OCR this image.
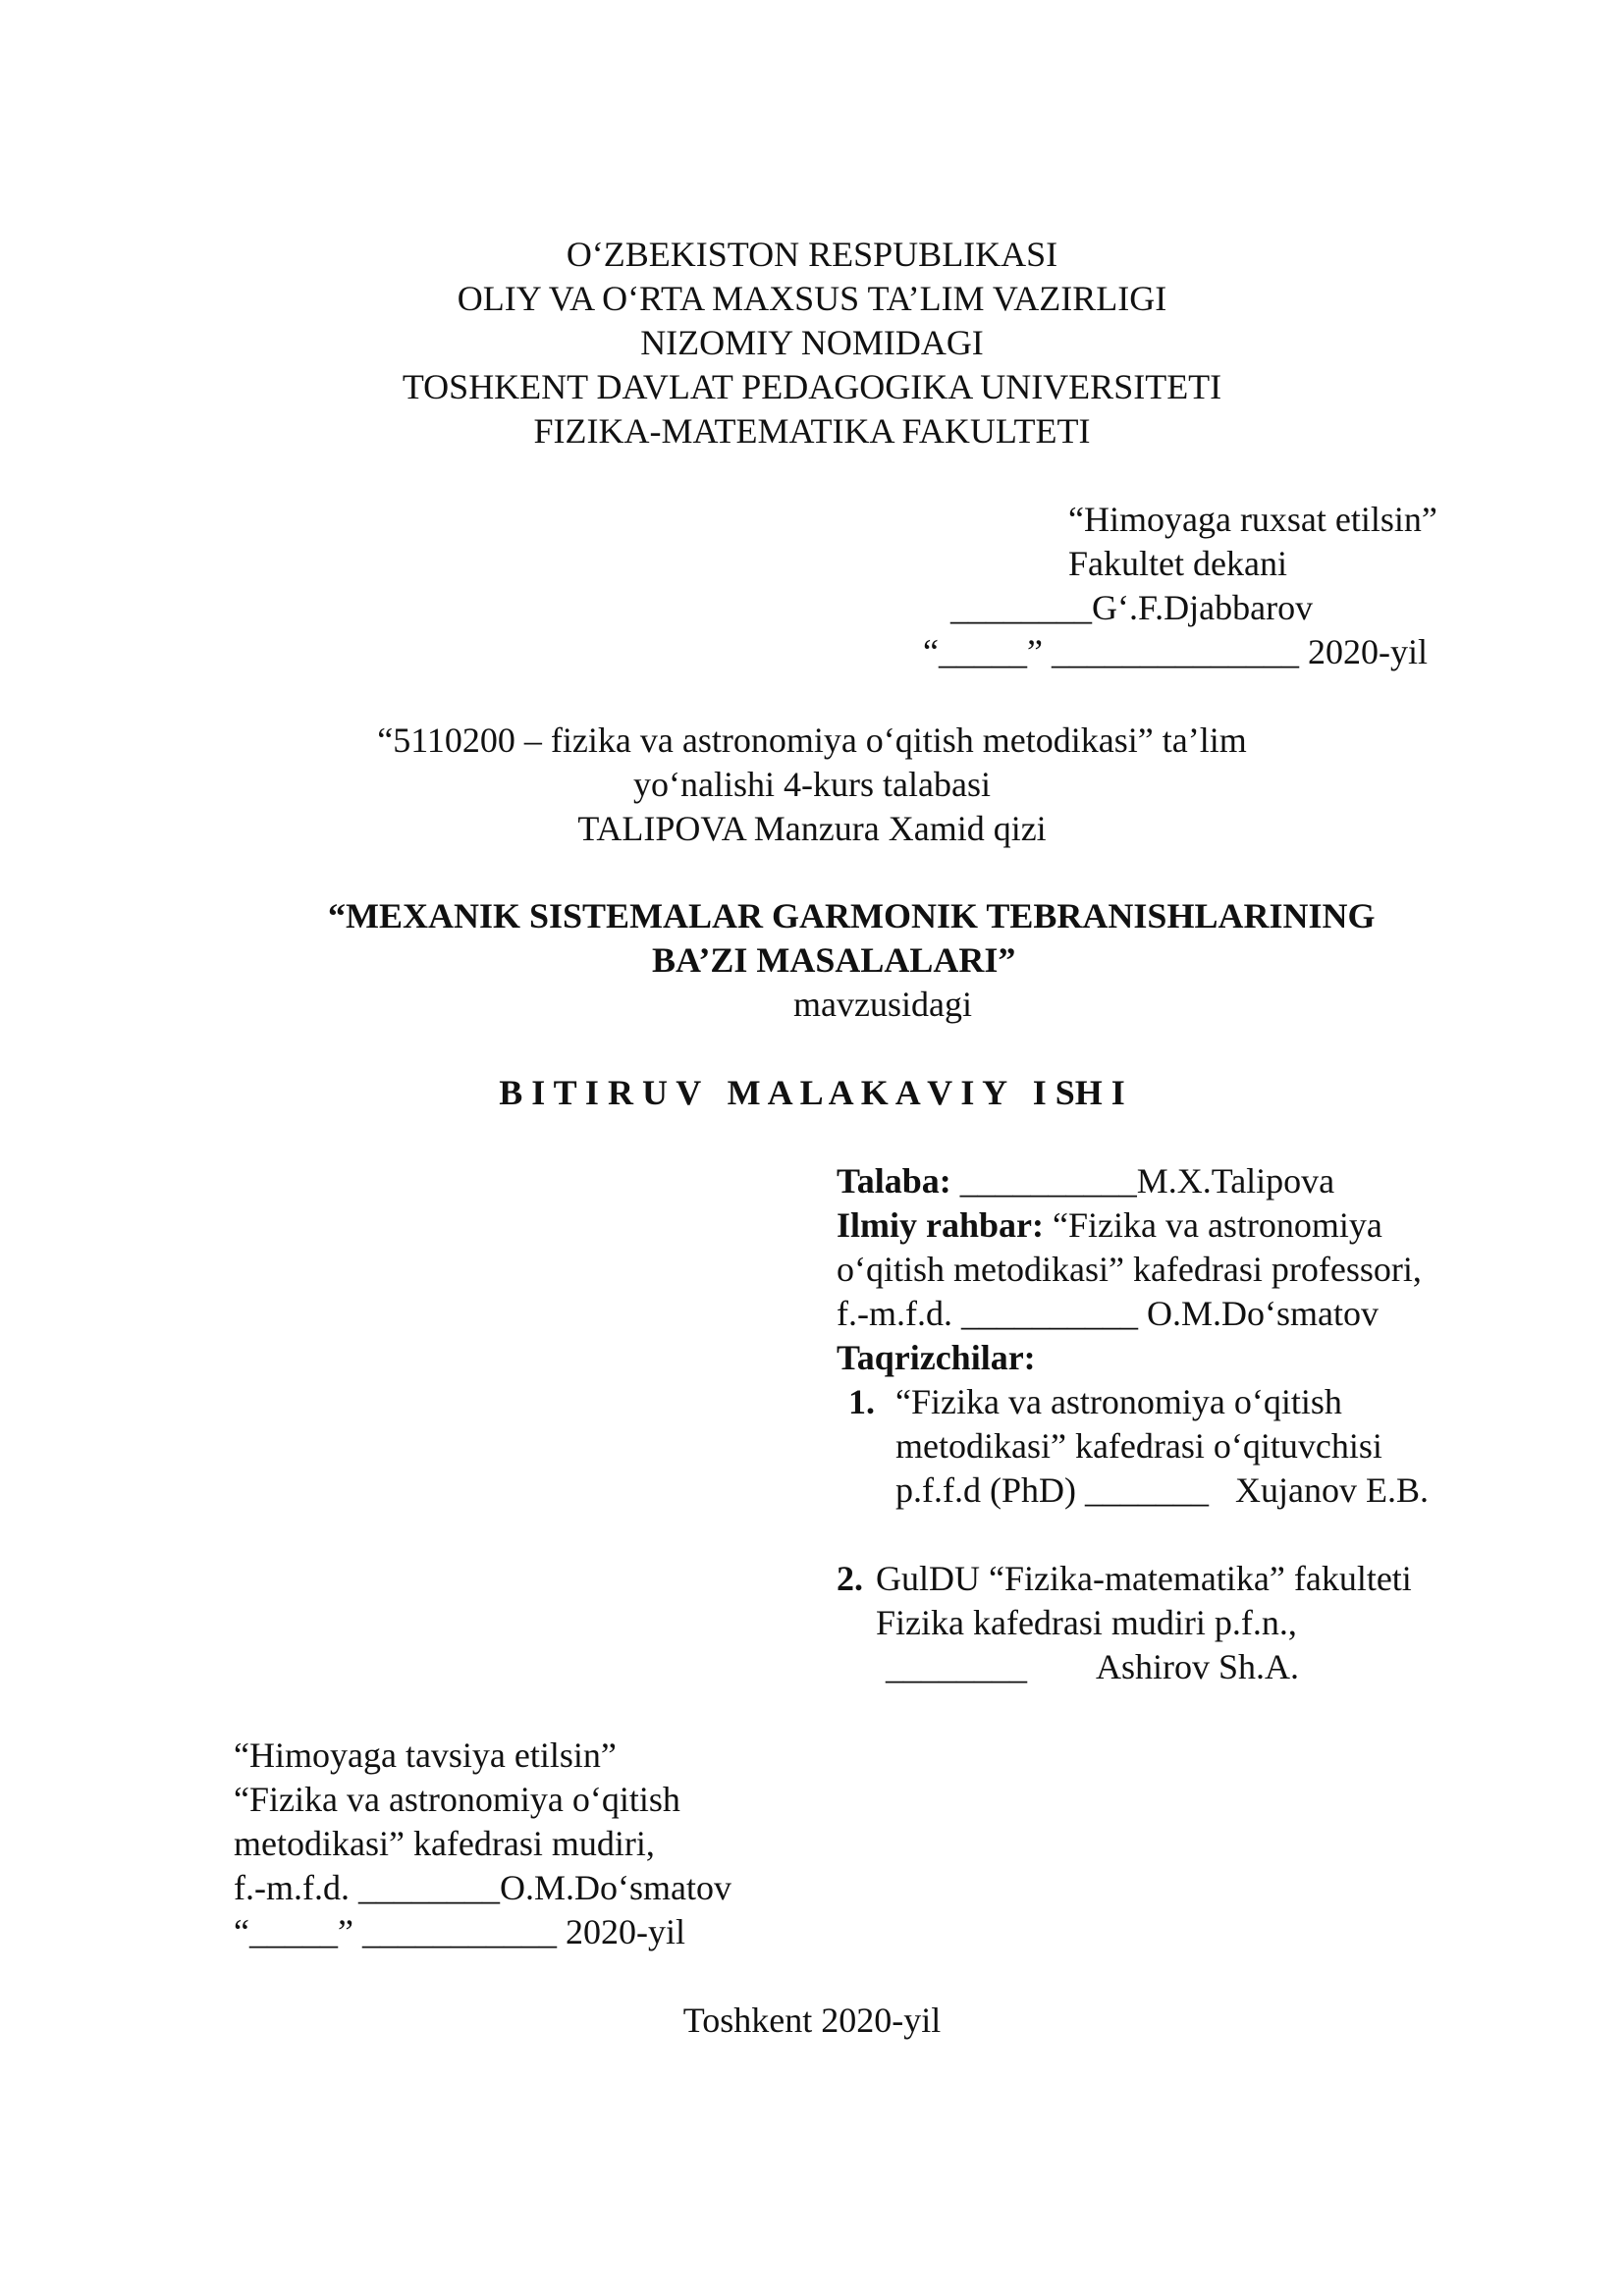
O‘ZBEKISTON RESPUBLIKASI
OLIY VA O‘RTA MAXSUS TA’LIM VAZIRLIGI
NIZOMIY NOMIDAGI
TOSHKENT DAVLAT PEDAGOGIKA UNIVERSITETI
FIZIKA-MATEMATIKA FAKULTETI
“Himoyaga ruxsat etilsin”
Fakultet dekani
________G‘.F.Djabbarov
“_____” ______________ 2020-yil
“5110200 – fizika va astronomiya o‘qitish metodikasi” ta’lim
yo‘nalishi 4-kurs talabasi
TALIPOVA Manzura Xamid qizi
“MEXANIK SISTEMALAR GARMONIK TEBRANISHLARINING
BA’ZI MASALALARI”
mavzusidagi
B I T I R U V   M A L A K A V I Y   I SH I
Talaba: __________M.X.Talipova
Ilmiy rahbar: “Fizika va astronomiya
o‘qitish metodikasi” kafedrasi professori,
f.-m.f.d. __________ O.M.Do‘smatov
Taqrizchilar:
1. “Fizika va astronomiya o‘qitish
metodikasi” kafedrasi o‘qituvchisi
p.f.f.d (PhD) _______ Xujanov E.B.
2. GulDU “Fizika-matematika” fakulteti
Fizika kafedrasi mudiri p.f.n.,
________ Ashirov Sh.A.
“Himoyaga tavsiya etilsin”
“Fizika va astronomiya o‘qitish
metodikasi” kafedrasi mudiri,
f.-m.f.d. ________O.M.Do‘smatov
“_____” ___________ 2020-yil
Toshkent 2020-yil
